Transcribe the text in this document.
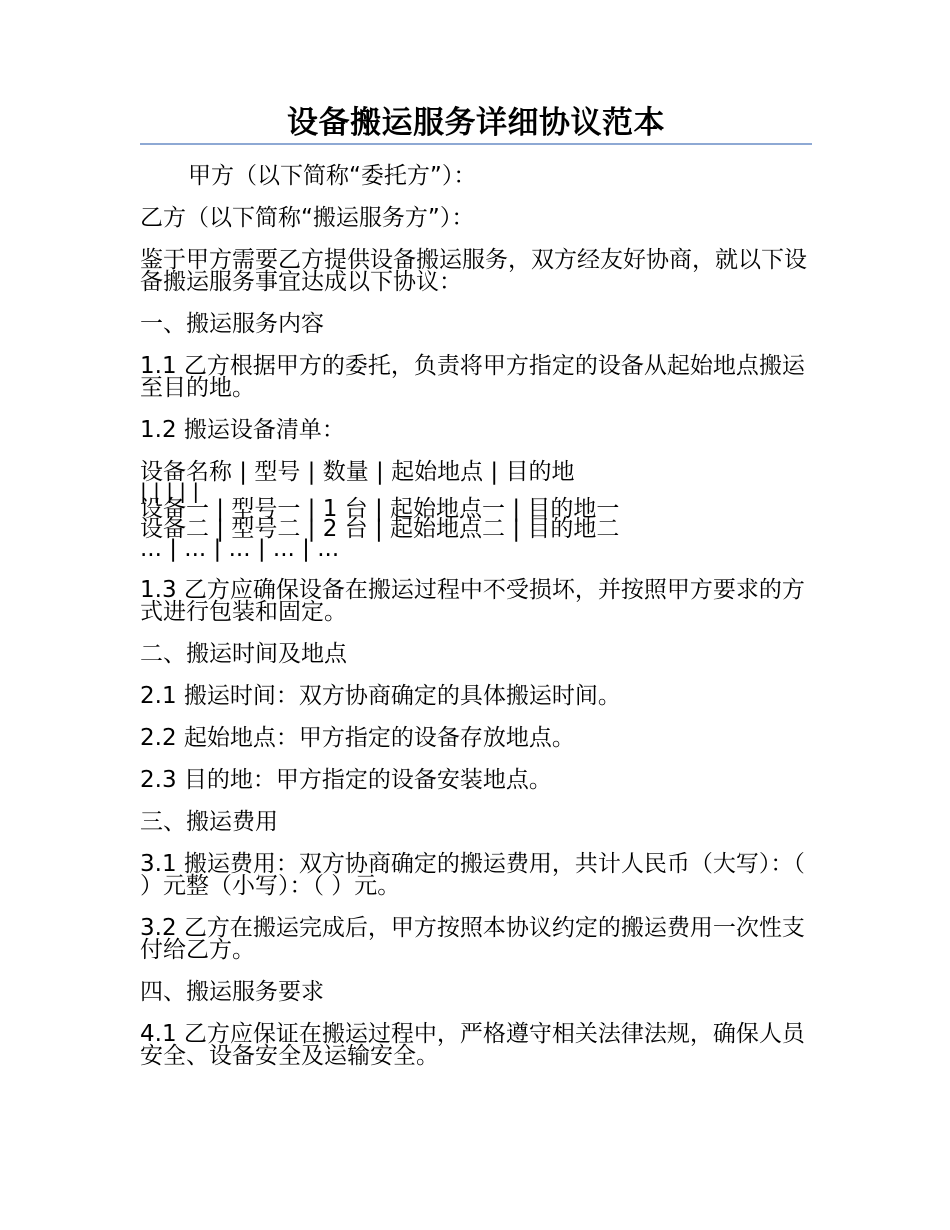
设备搬运服务详细协议范本

甲方（以下简称“委托方”）：

乙方（以下简称“搬运服务方”）：

鉴于甲方需要乙方提供设备搬运服务，双方经友好协商，就以下设备搬运服务事宜达成以下协议：

一、搬运服务内容

1.1 乙方根据甲方的委托，负责将甲方指定的设备从起始地点搬运至目的地。

1.2 搬运设备清单：

设备名称 | 型号 | 数量 | 起始地点 | 目的地
| | | | |
设备一 | 型号一 | 1 台 | 起始地点一 | 目的地一
设备二 | 型号二 | 2 台 | 起始地点二 | 目的地二
... | ... | ... | ... | ...

1.3 乙方应确保设备在搬运过程中不受损坏，并按照甲方要求的方式进行包装和固定。

二、搬运时间及地点

2.1 搬运时间：双方协商确定的具体搬运时间。

2.2 起始地点：甲方指定的设备存放地点。

2.3 目的地：甲方指定的设备安装地点。

三、搬运费用

3.1 搬运费用：双方协商确定的搬运费用，共计人民币（大写）：（ ）元整（小写）：（ ）元。

3.2 乙方在搬运完成后，甲方按照本协议约定的搬运费用一次性支付给乙方。

四、搬运服务要求

4.1 乙方应保证在搬运过程中，严格遵守相关法律法规，确保人员安全、设备安全及运输安全。
